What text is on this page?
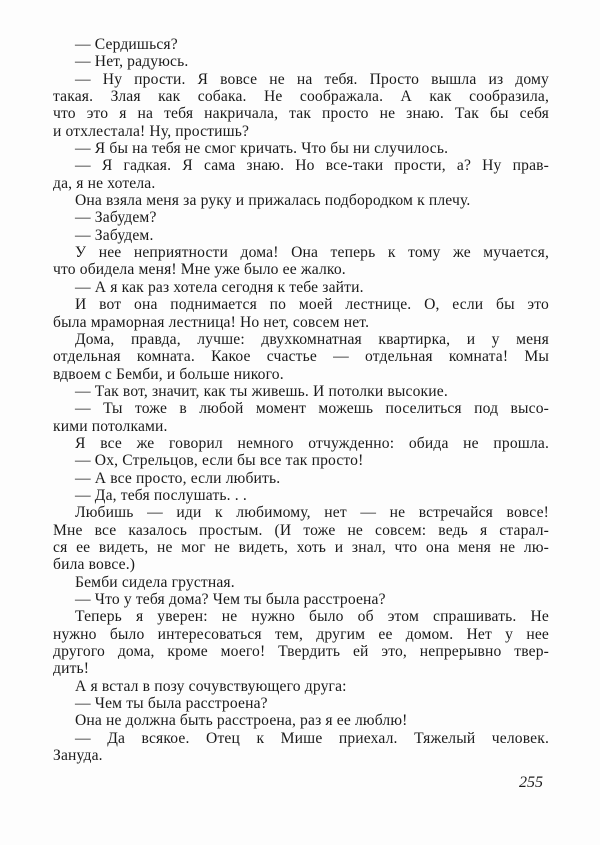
— Сердишься?
— Нет, радуюсь.
— Ну прости. Я вовсе не на тебя. Просто вышла из дому
такая. Злая как собака. Не соображала. А как сообразила,
что это я на тебя накричала, так просто не знаю. Так бы себя
и отхлестала! Ну, простишь?
— Я бы на тебя не смог кричать. Что бы ни случилось.
— Я гадкая. Я сама знаю. Но все-таки прости, а? Ну прав-
да, я не хотела.
Она взяла меня за руку и прижалась подбородком к плечу.
— Забудем?
— Забудем.
У нее неприятности дома! Она теперь к тому же мучается,
что обидела меня! Мне уже было ее жалко.
— А я как раз хотела сегодня к тебе зайти.
И вот она поднимается по моей лестнице. О, если бы это
была мраморная лестница! Но нет, совсем нет.
Дома, правда, лучше: двухкомнатная квартирка, и у меня
отдельная комната. Какое счастье — отдельная комната! Мы
вдвоем с Бемби, и больше никого.
— Так вот, значит, как ты живешь. И потолки высокие.
— Ты тоже в любой момент можешь поселиться под высо-
кими потолками.
Я все же говорил немного отчужденно: обида не прошла.
— Ох, Стрельцов, если бы все так просто!
— А все просто, если любить.
— Да, тебя послушать. . .
Любишь — иди к любимому, нет — не встречайся вовсе!
Мне все казалось простым. (И тоже не совсем: ведь я старал-
ся ее видеть, не мог не видеть, хоть и знал, что она меня не лю-
била вовсе.)
Бемби сидела грустная.
— Что у тебя дома? Чем ты была расстроена?
Теперь я уверен: не нужно было об этом спрашивать. Не
нужно было интересоваться тем, другим ее домом. Нет у нее
другого дома, кроме моего! Твердить ей это, непрерывно твер-
дить!
А я встал в позу сочувствующего друга:
— Чем ты была расстроена?
Она не должна быть расстроена, раз я ее люблю!
— Да всякое. Отец к Мише приехал. Тяжелый человек.
Зануда.
255
